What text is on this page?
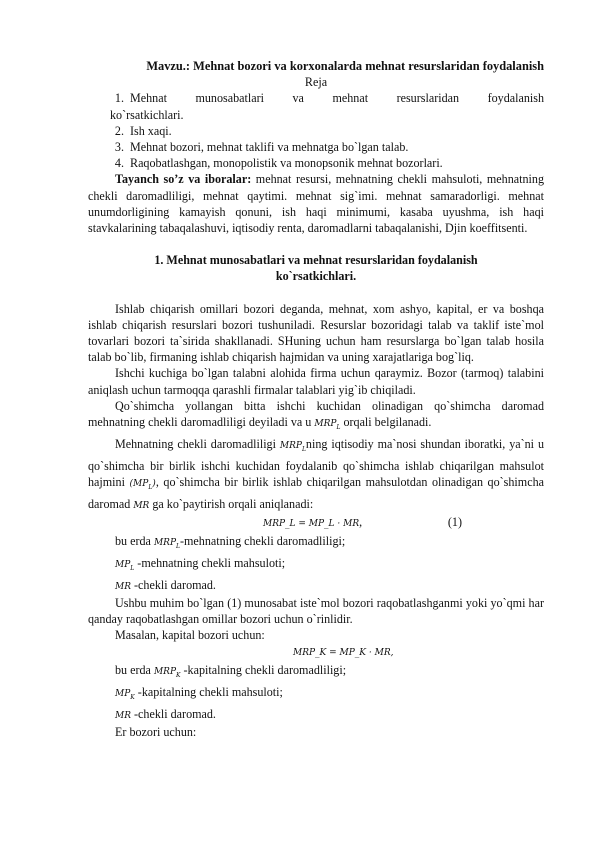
Mavzu.: Mehnat bozori va korxonalarda mehnat resurslaridan foydalanish

Reja

1. Mehnat munosabatlari va mehnat resurslaridan foydalanish

ko`rsatkichlari.

2. Ish xaqi.
3. Mehnat bozori, mehnat taklifi va mehnatga bo`lgan talab.
4. Raqobatlashgan, monopolistik va monopsonik mehnat bozorlari.

Tayanch so’z va iboralar: mehnat resursi, mehnatning chekli mahsuloti, mehnatning chekli daromadliligi, mehnat qaytimi. mehnat sig`imi. mehnat samaradorligi. mehnat unumdorligining kamayish qonuni, ish haqi minimumi, kasaba uyushma, ish haqi stavkalarining tabaqalashuvi, iqtisodiy renta, daromadlarni tabaqalanishi, Djin koeffitsenti.

1. Mehnat munosabatlari va mehnat resurslaridan foydalanish

ko`rsatkichlari.

Ishlab chiqarish omillari bozori deganda, mehnat, xom ashyo, kapital, er va boshqa ishlab chiqarish resurslari bozori tushuniladi. Resurslar bozoridagi talab va taklif iste`mol tovarlari bozori ta`sirida shakllanadi. SHuning uchun ham resurslarga bo`lgan talab hosila talab bo`lib, firmaning ishlab chiqarish hajmidan va uning xarajatlariga bog`liq.

Ishchi kuchiga bo`lgan talabni alohida firma uchun qaraymiz. Bozor (tarmoq) talabini aniqlash uchun tarmoqqa qarashli firmalar talablari yig`ib chiqiladi.

Qo`shimcha yollangan bitta ishchi kuchidan olinadigan qo`shimcha daromad mehnatning chekli daromadliligi deyiladi va u $MRP_L$ orqali belgilanadi.

Mehnatning chekli daromadliligi $MRP_Lning$ iqtisodiy ma`nosi shundan iboratki, ya`ni u qo`shimcha bir birlik ishchi kuchidan foydalanib qo`shimcha ishlab chiqarilgan mahsulot hajmini $(MP_L)$, qo`shimcha bir birlik ishlab chiqarilgan mahsulotdan olinadigan qo`shimcha daromad MR ga ko`paytirish orqali aniqlanadi:

MRP_L = MP_L · MR,	(1)

bu erda $MRP_L$-mehnatning chekli daromadliligi;

$MP_L$ -mehnatning chekli mahsuloti;

MR -chekli daromad.

Ushbu muhim bo`lgan (1) munosabat iste`mol bozori raqobatlashganmi yoki yo`qmi har qanday raqobatlashgan omillar bozori uchun o`rinlidir.

Masalan, kapital bozori uchun:

MRP_K = MP_K · MR,

bu erda $MRP_K$ -kapitalning chekli daromadliligi;

$MP_K$ -kapitalning chekli mahsuloti;

MR -chekli daromad.

Er bozori uchun:
